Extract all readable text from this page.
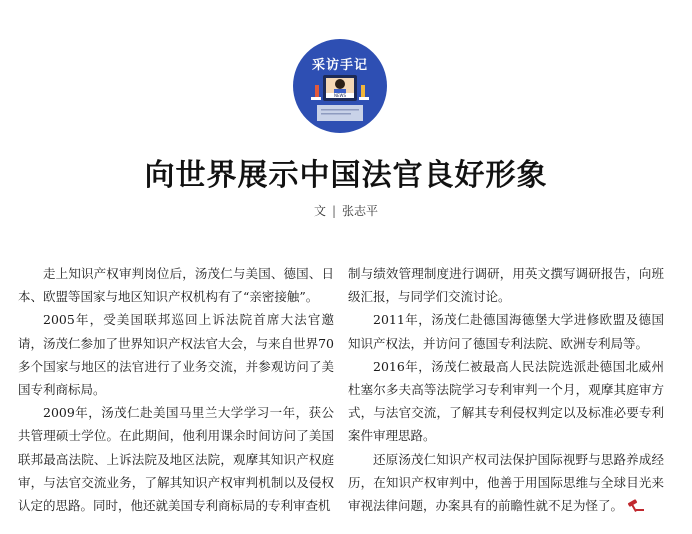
采访手记
NEWS
向世界展示中国法官良好形象
文 | 张志平

走上知识产权审判岗位后，汤茂仁与美国、德国、日本、欧盟等国家与地区知识产权机构有了“亲密接触”。

2005年，受美国联邦巡回上诉法院首席大法官邀请，汤茂仁参加了世界知识产权法官大会，与来自世界70多个国家与地区的法官进行了业务交流，并参观访问了美国专利商标局。

2009年，汤茂仁赴美国马里兰大学学习一年，获公共管理硕士学位。在此期间，他利用课余时间访问了美国联邦最高法院、上诉法院及地区法院，观摩其知识产权庭审，与法官交流业务，了解其知识产权审判机制以及侵权认定的思路。同时，他还就美国专利商标局的专利审查机

制与绩效管理制度进行调研，用英文撰写调研报告，向班级汇报，与同学们交流讨论。

2011年，汤茂仁赴德国海德堡大学进修欧盟及德国知识产权法，并访问了德国专利法院、欧洲专利局等。

2016年，汤茂仁被最高人民法院选派赴德国北威州杜塞尔多夫高等法院学习专利审判一个月，观摩其庭审方式，与法官交流，了解其专利侵权判定以及标准必要专利案件审理思路。

还原汤茂仁知识产权司法保护国际视野与思路养成经历，在知识产权审判中，他善于用国际思维与全球目光来审视法律问题，办案具有的前瞻性就不足为怪了。
